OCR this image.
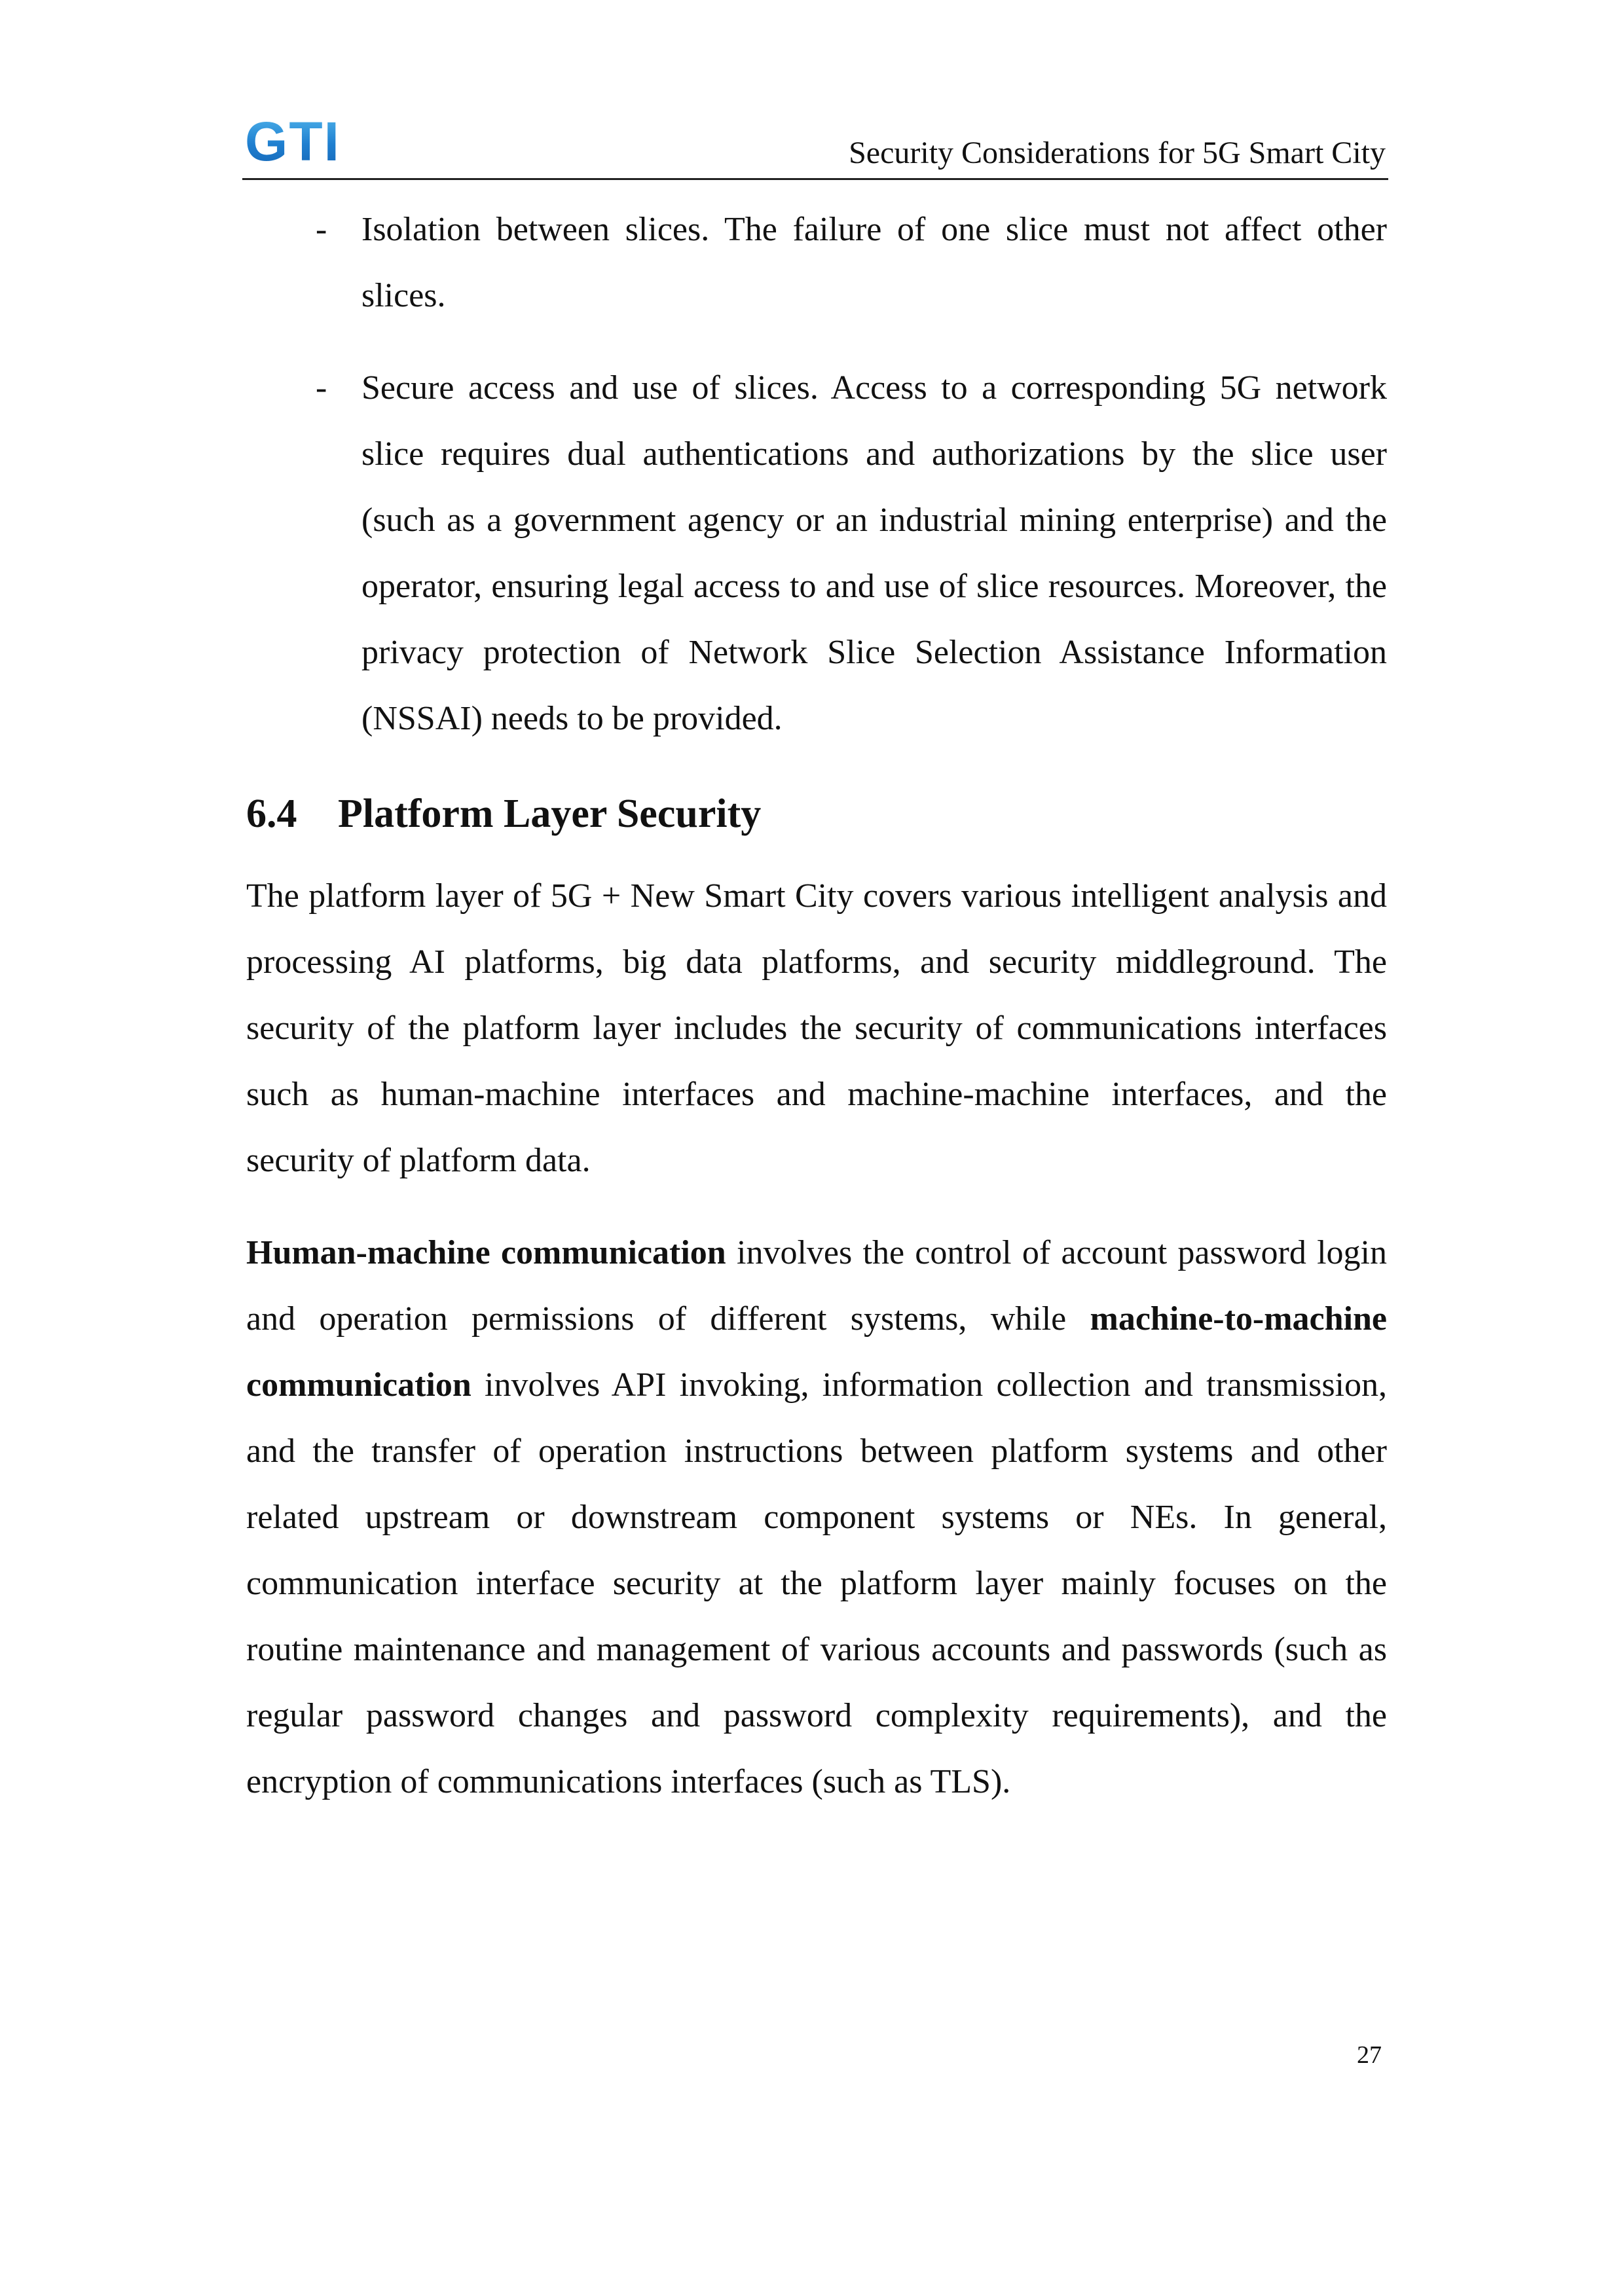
GTI	Security Considerations for 5G Smart City
- Isolation between slices. The failure of one slice must not affect other slices.

- Secure access and use of slices. Access to a corresponding 5G network slice requires dual authentications and authorizations by the slice user (such as a government agency or an industrial mining enterprise) and the operator, ensuring legal access to and use of slice resources. Moreover, the privacy protection of Network Slice Selection Assistance Information (NSSAI) needs to be provided.

6.4 Platform Layer Security

The platform layer of 5G + New Smart City covers various intelligent analysis and processing AI platforms, big data platforms, and security middleground. The security of the platform layer includes the security of communications interfaces such as human-machine interfaces and machine-machine interfaces, and the security of platform data.

Human-machine communication involves the control of account password login and operation permissions of different systems, while machine-to-machine communication involves API invoking, information collection and transmission, and the transfer of operation instructions between platform systems and other related upstream or downstream component systems or NEs. In general, communication interface security at the platform layer mainly focuses on the routine maintenance and management of various accounts and passwords (such as regular password changes and password complexity requirements), and the encryption of communications interfaces (such as TLS).

27
